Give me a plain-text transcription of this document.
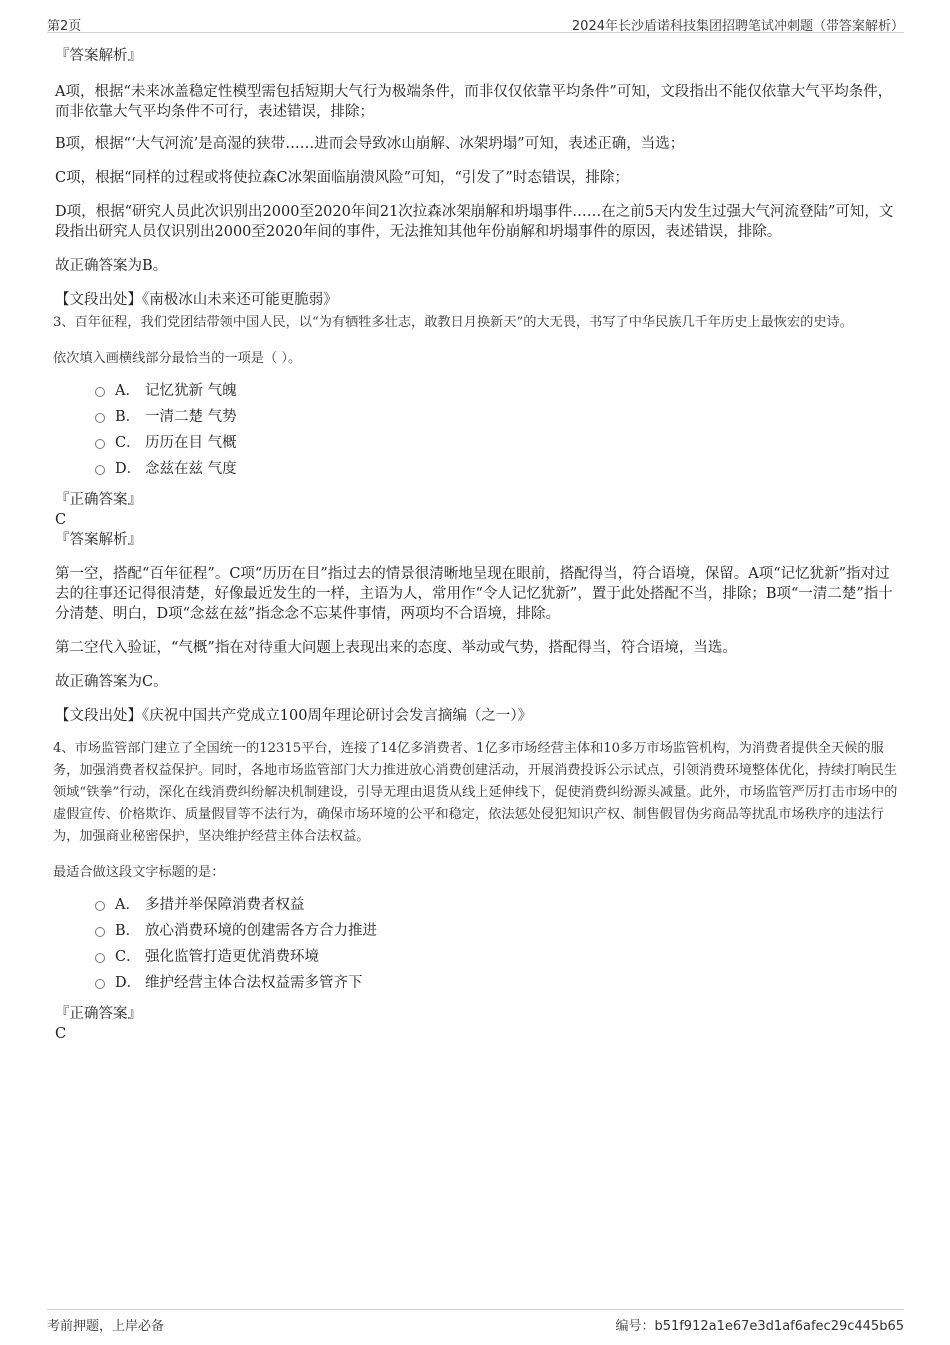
第2页	2024年长沙盾诺科技集团招聘笔试冲刺题（带答案解析）

『答案解析』

A项，根据“未来冰盖稳定性模型需包括短期大气行为极端条件，而非仅仅依靠平均条件”可知，文段指出不能仅依靠大气平均条件，而非依靠大气平均条件不可行，表述错误，排除；

B项，根据“‘大气河流’是高湿的狭带……进而会导致冰山崩解、冰架坍塌”可知，表述正确，当选；

C项，根据“同样的过程或将使拉森C冰架面临崩溃风险”可知，“引发了”时态错误，排除；

D项，根据“研究人员此次识别出2000至2020年间21次拉森冰架崩解和坍塌事件……在之前5天内发生过强大气河流登陆”可知，文段指出研究人员仅识别出2000至2020年间的事件，无法推知其他年份崩解和坍塌事件的原因，表述错误，排除。

故正确答案为B。

【文段出处】《南极冰山未来还可能更脆弱》

3、百年征程，我们党团结带领中国人民，以“为有牺牲多壮志，敢教日月换新天”的大无畏，书写了中华民族几千年历史上最恢宏的史诗。

依次填入画横线部分最恰当的一项是（ ）。

A． 记忆犹新 气魄
B． 一清二楚 气势
C． 历历在目 气概
D． 念兹在兹 气度

『正确答案』

C

『答案解析』

第一空，搭配“百年征程”。C项“历历在目”指过去的情景很清晰地呈现在眼前，搭配得当，符合语境，保留。A项“记忆犹新”指对过去的往事还记得很清楚，好像最近发生的一样，主语为人，常用作“令人记忆犹新”，置于此处搭配不当，排除；B项“一清二楚”指十分清楚、明白，D项“念兹在兹”指念念不忘某件事情，两项均不合语境，排除。

第二空代入验证，“气概”指在对待重大问题上表现出来的态度、举动或气势，搭配得当，符合语境，当选。

故正确答案为C。

【文段出处】《庆祝中国共产党成立100周年理论研讨会发言摘编（之一）》

4、市场监管部门建立了全国统一的12315平台，连接了14亿多消费者、1亿多市场经营主体和10多万市场监管机构，为消费者提供全天候的服务，加强消费者权益保护。同时，各地市场监管部门大力推进放心消费创建活动，开展消费投诉公示试点，引领消费环境整体优化，持续打响民生领域“铁拳”行动，深化在线消费纠纷解决机制建设，引导无理由退货从线上延伸线下，促使消费纠纷源头减量。此外，市场监管严厉打击市场中的虚假宣传、价格欺诈、质量假冒等不法行为，确保市场环境的公平和稳定，依法惩处侵犯知识产权、制售假冒伪劣商品等扰乱市场秩序的违法行为，加强商业秘密保护，坚决维护经营主体合法权益。

最适合做这段文字标题的是：

A． 多措并举保障消费者权益
B． 放心消费环境的创建需各方合力推进
C． 强化监管打造更优消费环境
D． 维护经营主体合法权益需多管齐下

『正确答案』

C

考前押题，上岸必备	编号：b51f912a1e67e3d1af6afec29c445b65
